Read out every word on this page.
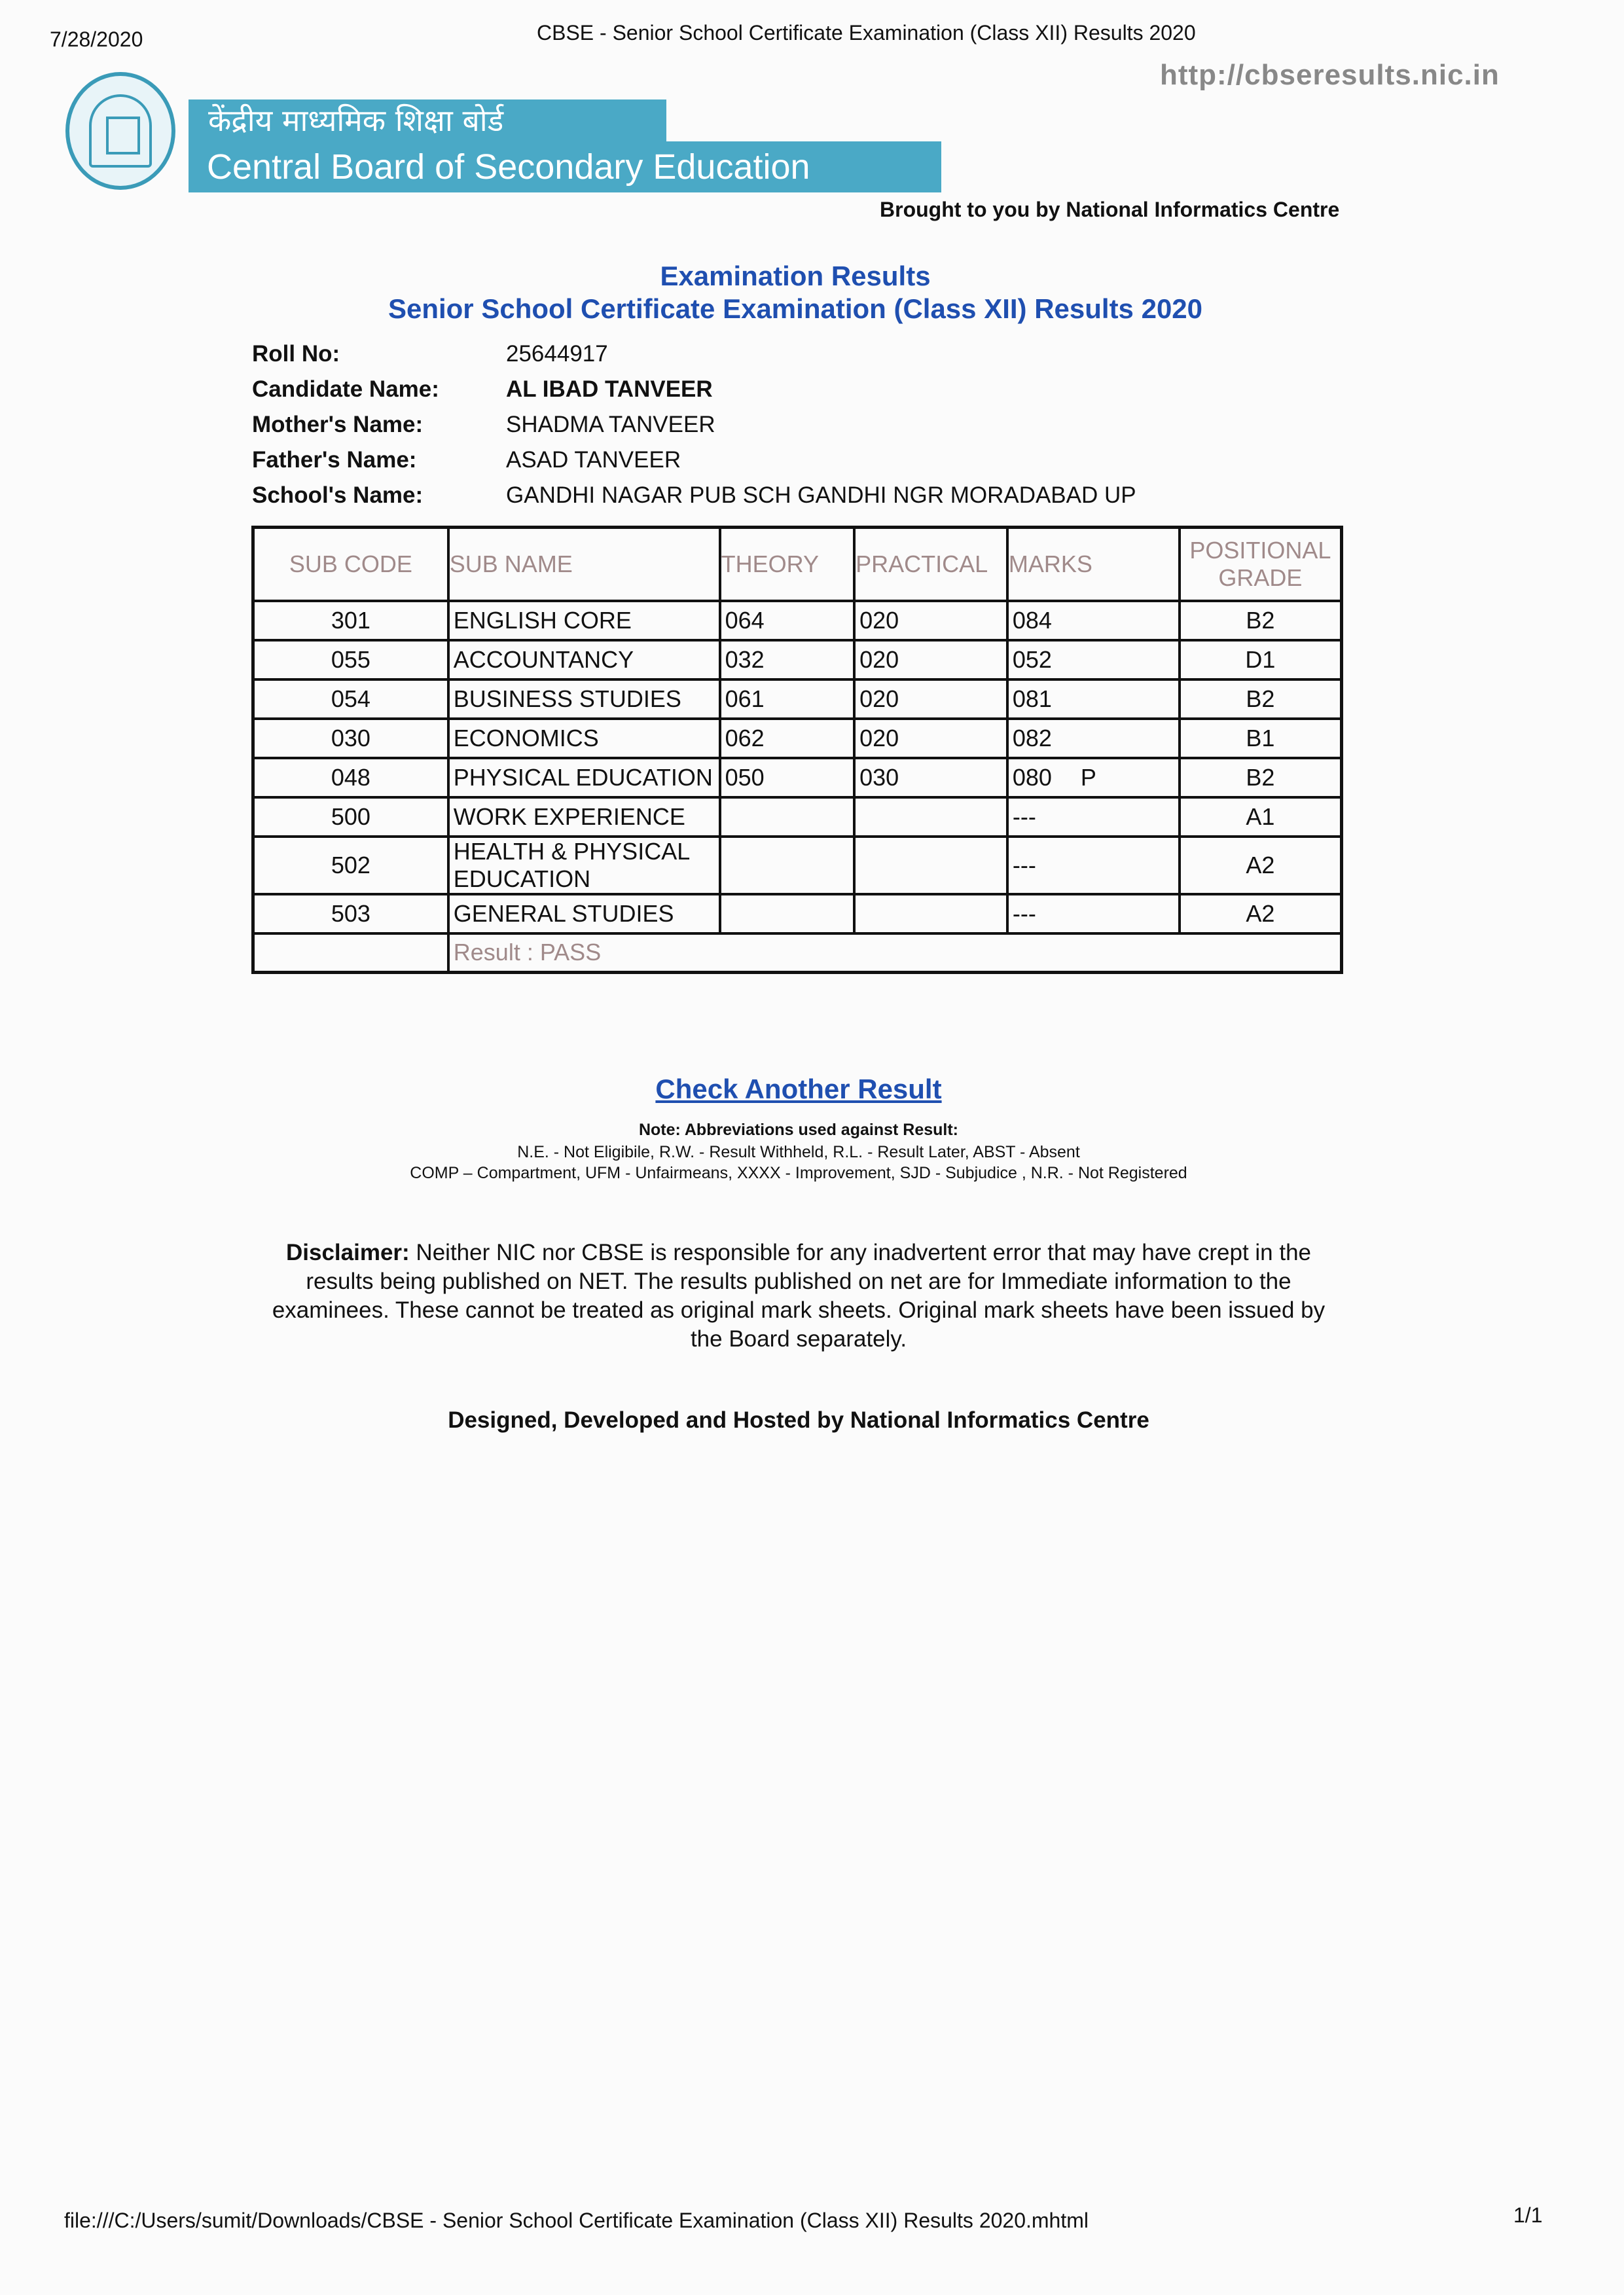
7/28/2020	CBSE - Senior School Certificate Examination (Class XII) Results 2020
http://cbseresults.nic.in
केंद्रीय माध्यमिक शिक्षा बोर्ड
Central Board of Secondary Education
Brought to you by National Informatics Centre
Examination Results
Senior School Certificate Examination (Class XII) Results 2020
Roll No:	25644917
Candidate Name:	AL IBAD TANVEER
Mother's Name:	SHADMA TANVEER
Father's Name:	ASAD TANVEER
School's Name:	GANDHI NAGAR PUB SCH GANDHI NGR MORADABAD UP
SUB CODE	SUB NAME	THEORY	PRACTICAL	MARKS	POSITIONAL GRADE
301	ENGLISH CORE	064	020	084	B2
055	ACCOUNTANCY	032	020	052	D1
054	BUSINESS STUDIES	061	020	081	B2
030	ECONOMICS	062	020	082	B1
048	PHYSICAL EDUCATION	050	030	080 P	B2
500	WORK EXPERIENCE			---	A1
502	HEALTH & PHYSICAL EDUCATION			---	A2
503	GENERAL STUDIES			---	A2
	Result : PASS				
Check Another Result
Note: Abbreviations used against Result:
N.E. - Not Eligibile, R.W. - Result Withheld, R.L. - Result Later, ABST - Absent
COMP – Compartment, UFM - Unfairmeans, XXXX - Improvement, SJD - Subjudice , N.R. - Not Registered
Disclaimer: Neither NIC nor CBSE is responsible for any inadvertent error that may have crept in the results being published on NET. The results published on net are for Immediate information to the examinees. These cannot be treated as original mark sheets. Original mark sheets have been issued by the Board separately.
Designed, Developed and Hosted by National Informatics Centre
file:///C:/Users/sumit/Downloads/CBSE - Senior School Certificate Examination (Class XII) Results 2020.mhtml	1/1
